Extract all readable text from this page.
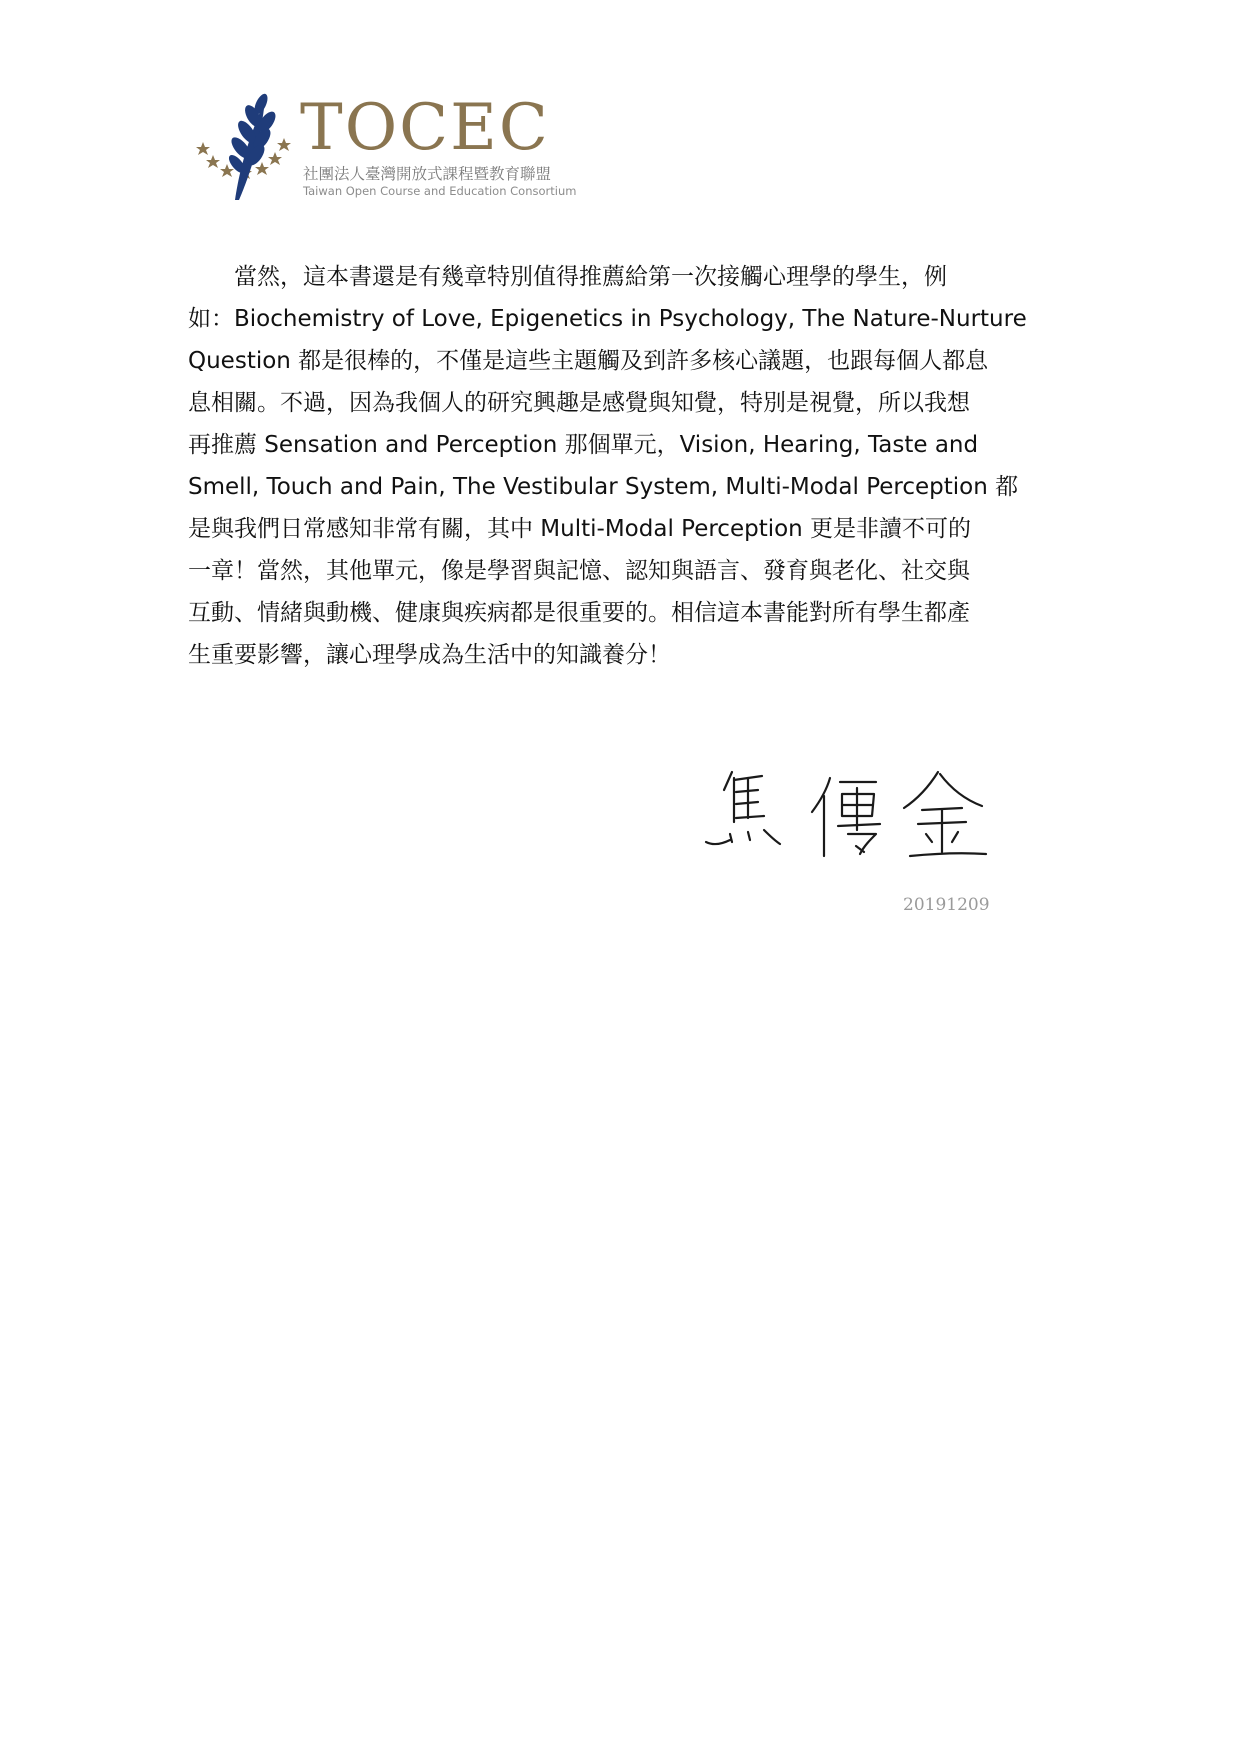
TOCEC
社團法人臺灣開放式課程暨教育聯盟
Taiwan Open Course and Education Consortium
當然，這本書還是有幾章特別值得推薦給第一次接觸心理學的學生，例
如：Biochemistry of Love, Epigenetics in Psychology, The Nature-Nurture
Question 都是很棒的，不僅是這些主題觸及到許多核心議題，也跟每個人都息
息相關。不過，因為我個人的研究興趣是感覺與知覺，特別是視覺，所以我想
再推薦 Sensation and Perception 那個單元，Vision, Hearing, Taste and
Smell, Touch and Pain, The Vestibular System, Multi-Modal Perception 都
是與我們日常感知非常有關，其中 Multi-Modal Perception 更是非讀不可的
一章！當然，其他單元，像是學習與記憶、認知與語言、發育與老化、社交與
互動、情緒與動機、健康與疾病都是很重要的。相信這本書能對所有學生都產
生重要影響，讓心理學成為生活中的知識養分！
20191209
